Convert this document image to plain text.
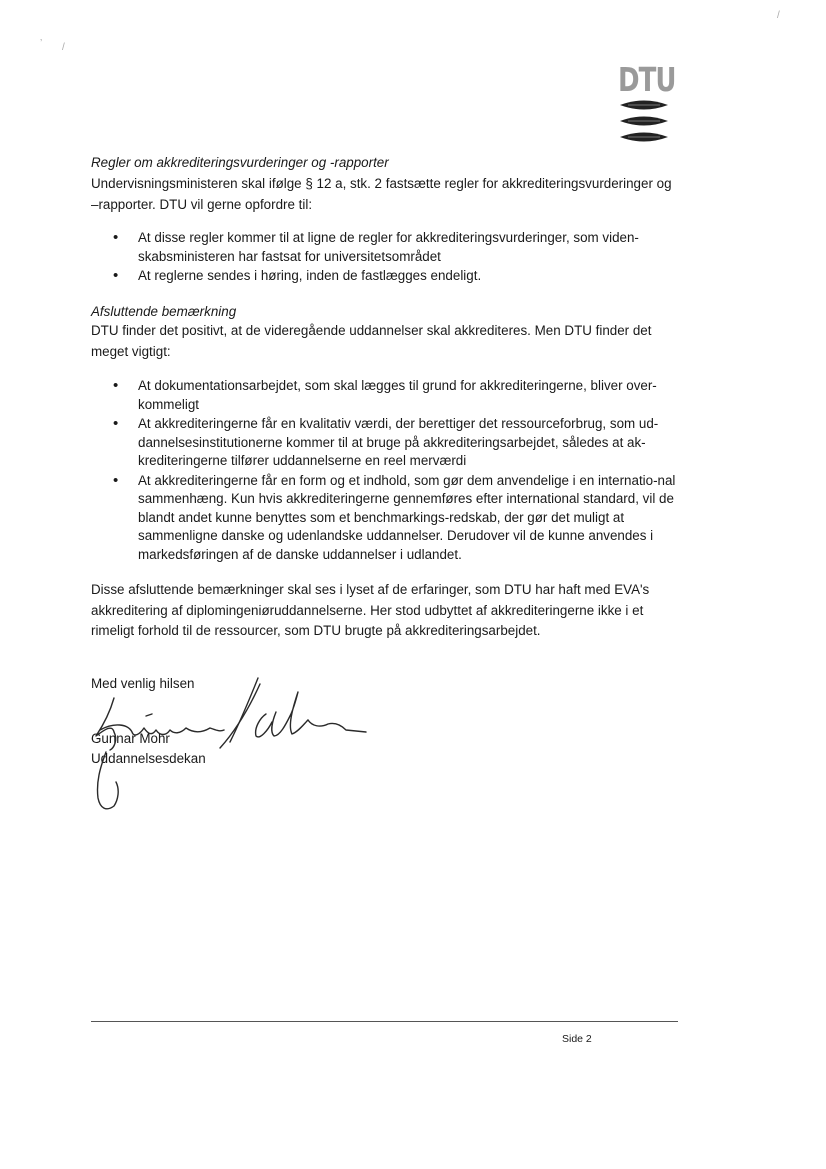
’ /
/
DTU
Regler om akkrediteringsvurderinger og -rapporter
Undervisningsministeren skal ifølge § 12 a, stk. 2 fastsætte regler for akkrediteringsvurderinger og –rapporter. DTU vil gerne opfordre til:
• At disse regler kommer til at ligne de regler for akkrediteringsvurderinger, som viden-skabsministeren har fastsat for universitetsområdet
• At reglerne sendes i høring, inden de fastlægges endeligt.
Afsluttende bemærkning
DTU finder det positivt, at de videregående uddannelser skal akkrediteres. Men DTU finder det meget vigtigt:
• At dokumentationsarbejdet, som skal lægges til grund for akkrediteringerne, bliver over-kommeligt
• At akkrediteringerne får en kvalitativ værdi, der berettiger det ressourceforbrug, som ud-dannelsesinstitutionerne kommer til at bruge på akkrediteringsarbejdet, således at ak-krediteringerne tilfører uddannelserne en reel merværdi
• At akkrediteringerne får en form og et indhold, som gør dem anvendelige i en internatio-nal sammenhæng. Kun hvis akkrediteringerne gennemføres efter international standard, vil de blandt andet kunne benyttes som et benchmarkings-redskab, der gør det muligt at sammenligne danske og udenlandske uddannelser. Derudover vil de kunne anvendes i markedsføringen af de danske uddannelser i udlandet.
Disse afsluttende bemærkninger skal ses i lyset af de erfaringer, som DTU har haft med EVA's akkreditering af diplomingeniøruddannelserne. Her stod udbyttet af akkrediteringerne ikke i et rimeligt forhold til de ressourcer, som DTU brugte på akkrediteringsarbejdet.
Med venlig hilsen
Gunnar Mohr
Uddannelsesdekan
Side 2
